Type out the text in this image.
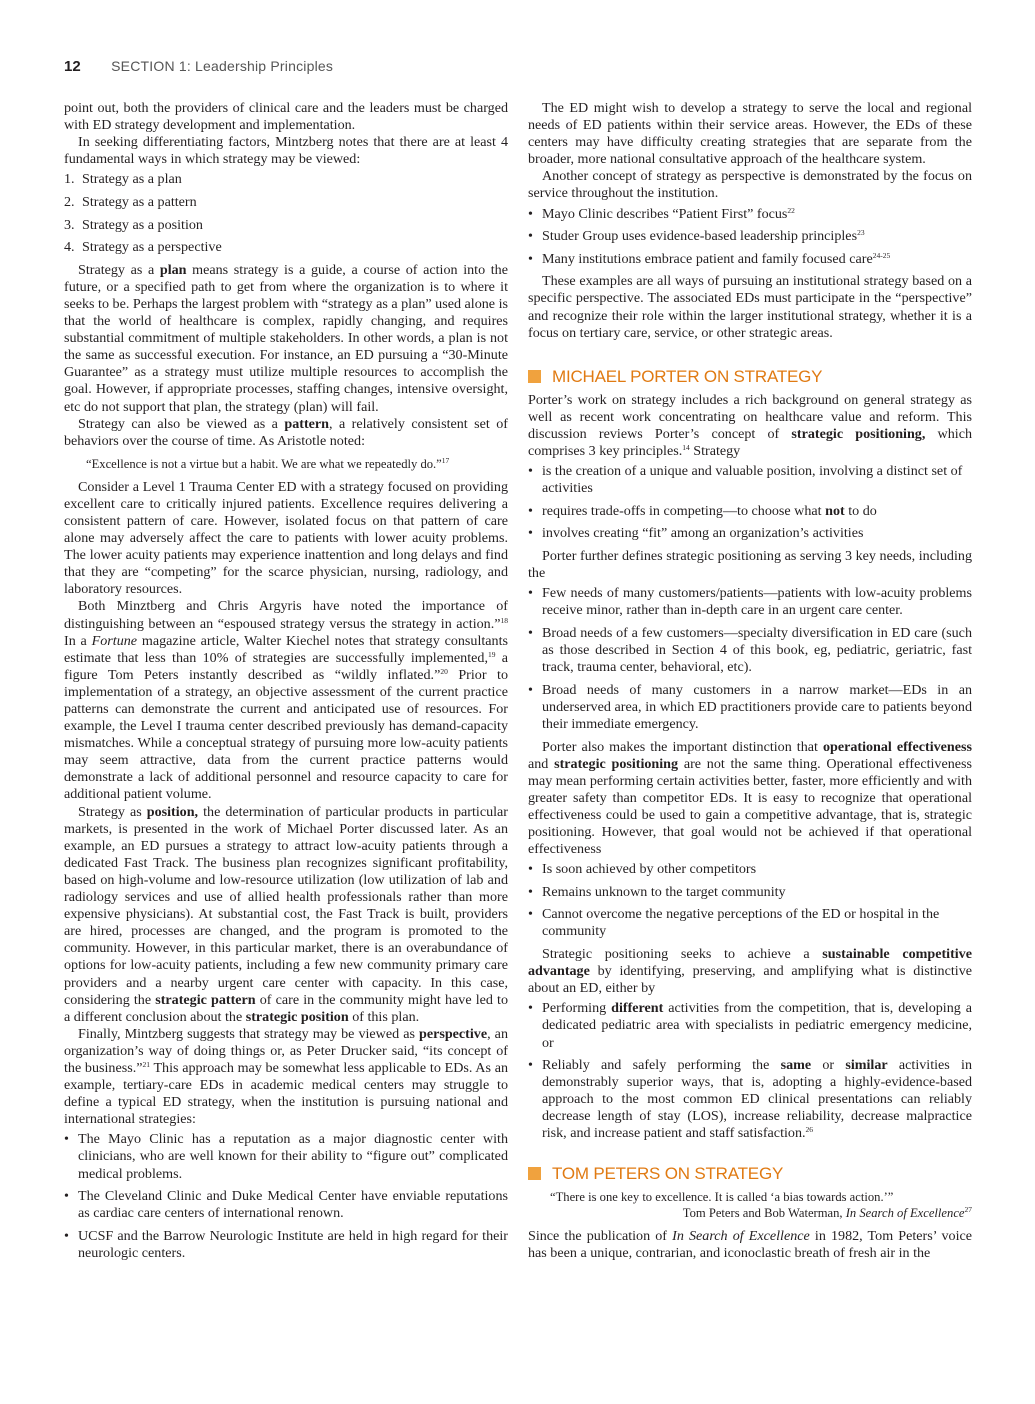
12 SECTION 1: Leadership Principles

point out, both the providers of clinical care and the leaders must be charged with ED strategy development and implementation.

In seeking differentiating factors, Mintzberg notes that there are at least 4 fundamental ways in which strategy may be viewed:

1. Strategy as a plan
2. Strategy as a pattern
3. Strategy as a position
4. Strategy as a perspective

Strategy as a plan means strategy is a guide, a course of action into the future, or a specified path to get from where the organization is to where it seeks to be. Perhaps the largest problem with “strategy as a plan” used alone is that the world of healthcare is complex, rapidly changing, and requires substantial commitment of multiple stakeholders. In other words, a plan is not the same as successful execution. For instance, an ED pursuing a “30-Minute Guarantee” as a strategy must utilize multiple resources to accomplish the goal. However, if appropriate processes, staffing changes, intensive oversight, etc do not support that plan, the strategy (plan) will fail.

Strategy can also be viewed as a pattern, a relatively consistent set of behaviors over the course of time. As Aristotle noted:

“Excellence is not a virtue but a habit. We are what we repeatedly do.”$^{17}$

Consider a Level 1 Trauma Center ED with a strategy focused on providing excellent care to critically injured patients. Excellence requires delivering a consistent pattern of care. However, isolated focus on that pattern of care alone may adversely affect the care to patients with lower acuity problems. The lower acuity patients may experience inattention and long delays and find that they are “competing” for the scarce physician, nursing, radiology, and laboratory resources.

Both Minztberg and Chris Argyris have noted the importance of distinguishing between an “espoused strategy versus the strategy in action.”$^{18}$ In a Fortune magazine article, Walter Kiechel notes that strategy consultants estimate that less than 10% of strategies are successfully implemented,$^{19}$ a figure Tom Peters instantly described as “wildly inflated.”$^{20}$ Prior to implementation of a strategy, an objective assessment of the current practice patterns can demonstrate the current and anticipated use of resources. For example, the Level I trauma center described previously has demand-capacity mismatches. While a conceptual strategy of pursuing more low-acuity patients may seem attractive, data from the current practice patterns would demonstrate a lack of additional personnel and resource capacity to care for additional patient volume.

Strategy as position, the determination of particular products in particular markets, is presented in the work of Michael Porter discussed later. As an example, an ED pursues a strategy to attract low-acuity patients through a dedicated Fast Track. The business plan recognizes significant profitability, based on high-volume and low-resource utilization (low utilization of lab and radiology services and use of allied health professionals rather than more expensive physicians). At substantial cost, the Fast Track is built, providers are hired, processes are changed, and the program is promoted to the community. However, in this particular market, there is an overabundance of options for low-acuity patients, including a few new community primary care providers and a nearby urgent care center with capacity. In this case, considering the strategic pattern of care in the community might have led to a different conclusion about the strategic position of this plan.

Finally, Mintzberg suggests that strategy may be viewed as perspective, an organization’s way of doing things or, as Peter Drucker said, “its concept of the business.”$^{21}$ This approach may be somewhat less applicable to EDs. As an example, tertiary-care EDs in academic medical centers may struggle to define a typical ED strategy, when the institution is pursuing national and international strategies:

• The Mayo Clinic has a reputation as a major diagnostic center with clinicians, who are well known for their ability to “figure out” complicated medical problems.
• The Cleveland Clinic and Duke Medical Center have enviable reputations as cardiac care centers of international renown.
• UCSF and the Barrow Neurologic Institute are held in high regard for their neurologic centers.

The ED might wish to develop a strategy to serve the local and regional needs of ED patients within their service areas. However, the EDs of these centers may have difficulty creating strategies that are separate from the broader, more national consultative approach of the healthcare system.

Another concept of strategy as perspective is demonstrated by the focus on service throughout the institution.

• Mayo Clinic describes “Patient First” focus$^{22}$
• Studer Group uses evidence-based leadership principles$^{23}$
• Many institutions embrace patient and family focused care$^{24-25}$

These examples are all ways of pursuing an institutional strategy based on a specific perspective. The associated EDs must participate in the “perspective” and recognize their role within the larger institutional strategy, whether it is a focus on tertiary care, service, or other strategic areas.

MICHAEL PORTER ON STRATEGY

Porter’s work on strategy includes a rich background on general strategy as well as recent work concentrating on healthcare value and reform. This discussion reviews Porter’s concept of strategic positioning, which comprises 3 key principles.$^{14}$ Strategy

• is the creation of a unique and valuable position, involving a distinct set of activities
• requires trade-offs in competing—to choose what not to do
• involves creating “fit” among an organization’s activities

Porter further defines strategic positioning as serving 3 key needs, including the

• Few needs of many customers/patients—patients with low-acuity problems receive minor, rather than in-depth care in an urgent care center.
• Broad needs of a few customers—specialty diversification in ED care (such as those described in Section 4 of this book, eg, pediatric, geriatric, fast track, trauma center, behavioral, etc).
• Broad needs of many customers in a narrow market—EDs in an underserved area, in which ED practitioners provide care to patients beyond their immediate emergency.

Porter also makes the important distinction that operational effectiveness and strategic positioning are not the same thing. Operational effectiveness may mean performing certain activities better, faster, more efficiently and with greater safety than competitor EDs. It is easy to recognize that operational effectiveness could be used to gain a competitive advantage, that is, strategic positioning. However, that goal would not be achieved if that operational effectiveness

• Is soon achieved by other competitors
• Remains unknown to the target community
• Cannot overcome the negative perceptions of the ED or hospital in the community

Strategic positioning seeks to achieve a sustainable competitive advantage by identifying, preserving, and amplifying what is distinctive about an ED, either by

• Performing different activities from the competition, that is, developing a dedicated pediatric area with specialists in pediatric emergency medicine, or
• Reliably and safely performing the same or similar activities in demonstrably superior ways, that is, adopting a highly-evidence-based approach to the most common ED clinical presentations can reliably decrease length of stay (LOS), increase reliability, decrease malpractice risk, and increase patient and staff satisfaction.$^{26}$
TOM PETERS ON STRATEGY
“There is one key to excellence. It is called ‘a bias towards action.’”
Tom Peters and Bob Waterman, In Search of Excellence$^{27}$

Since the publication of In Search of Excellence in 1982, Tom Peters’ voice has been a unique, contrarian, and iconoclastic breath of fresh air in the
